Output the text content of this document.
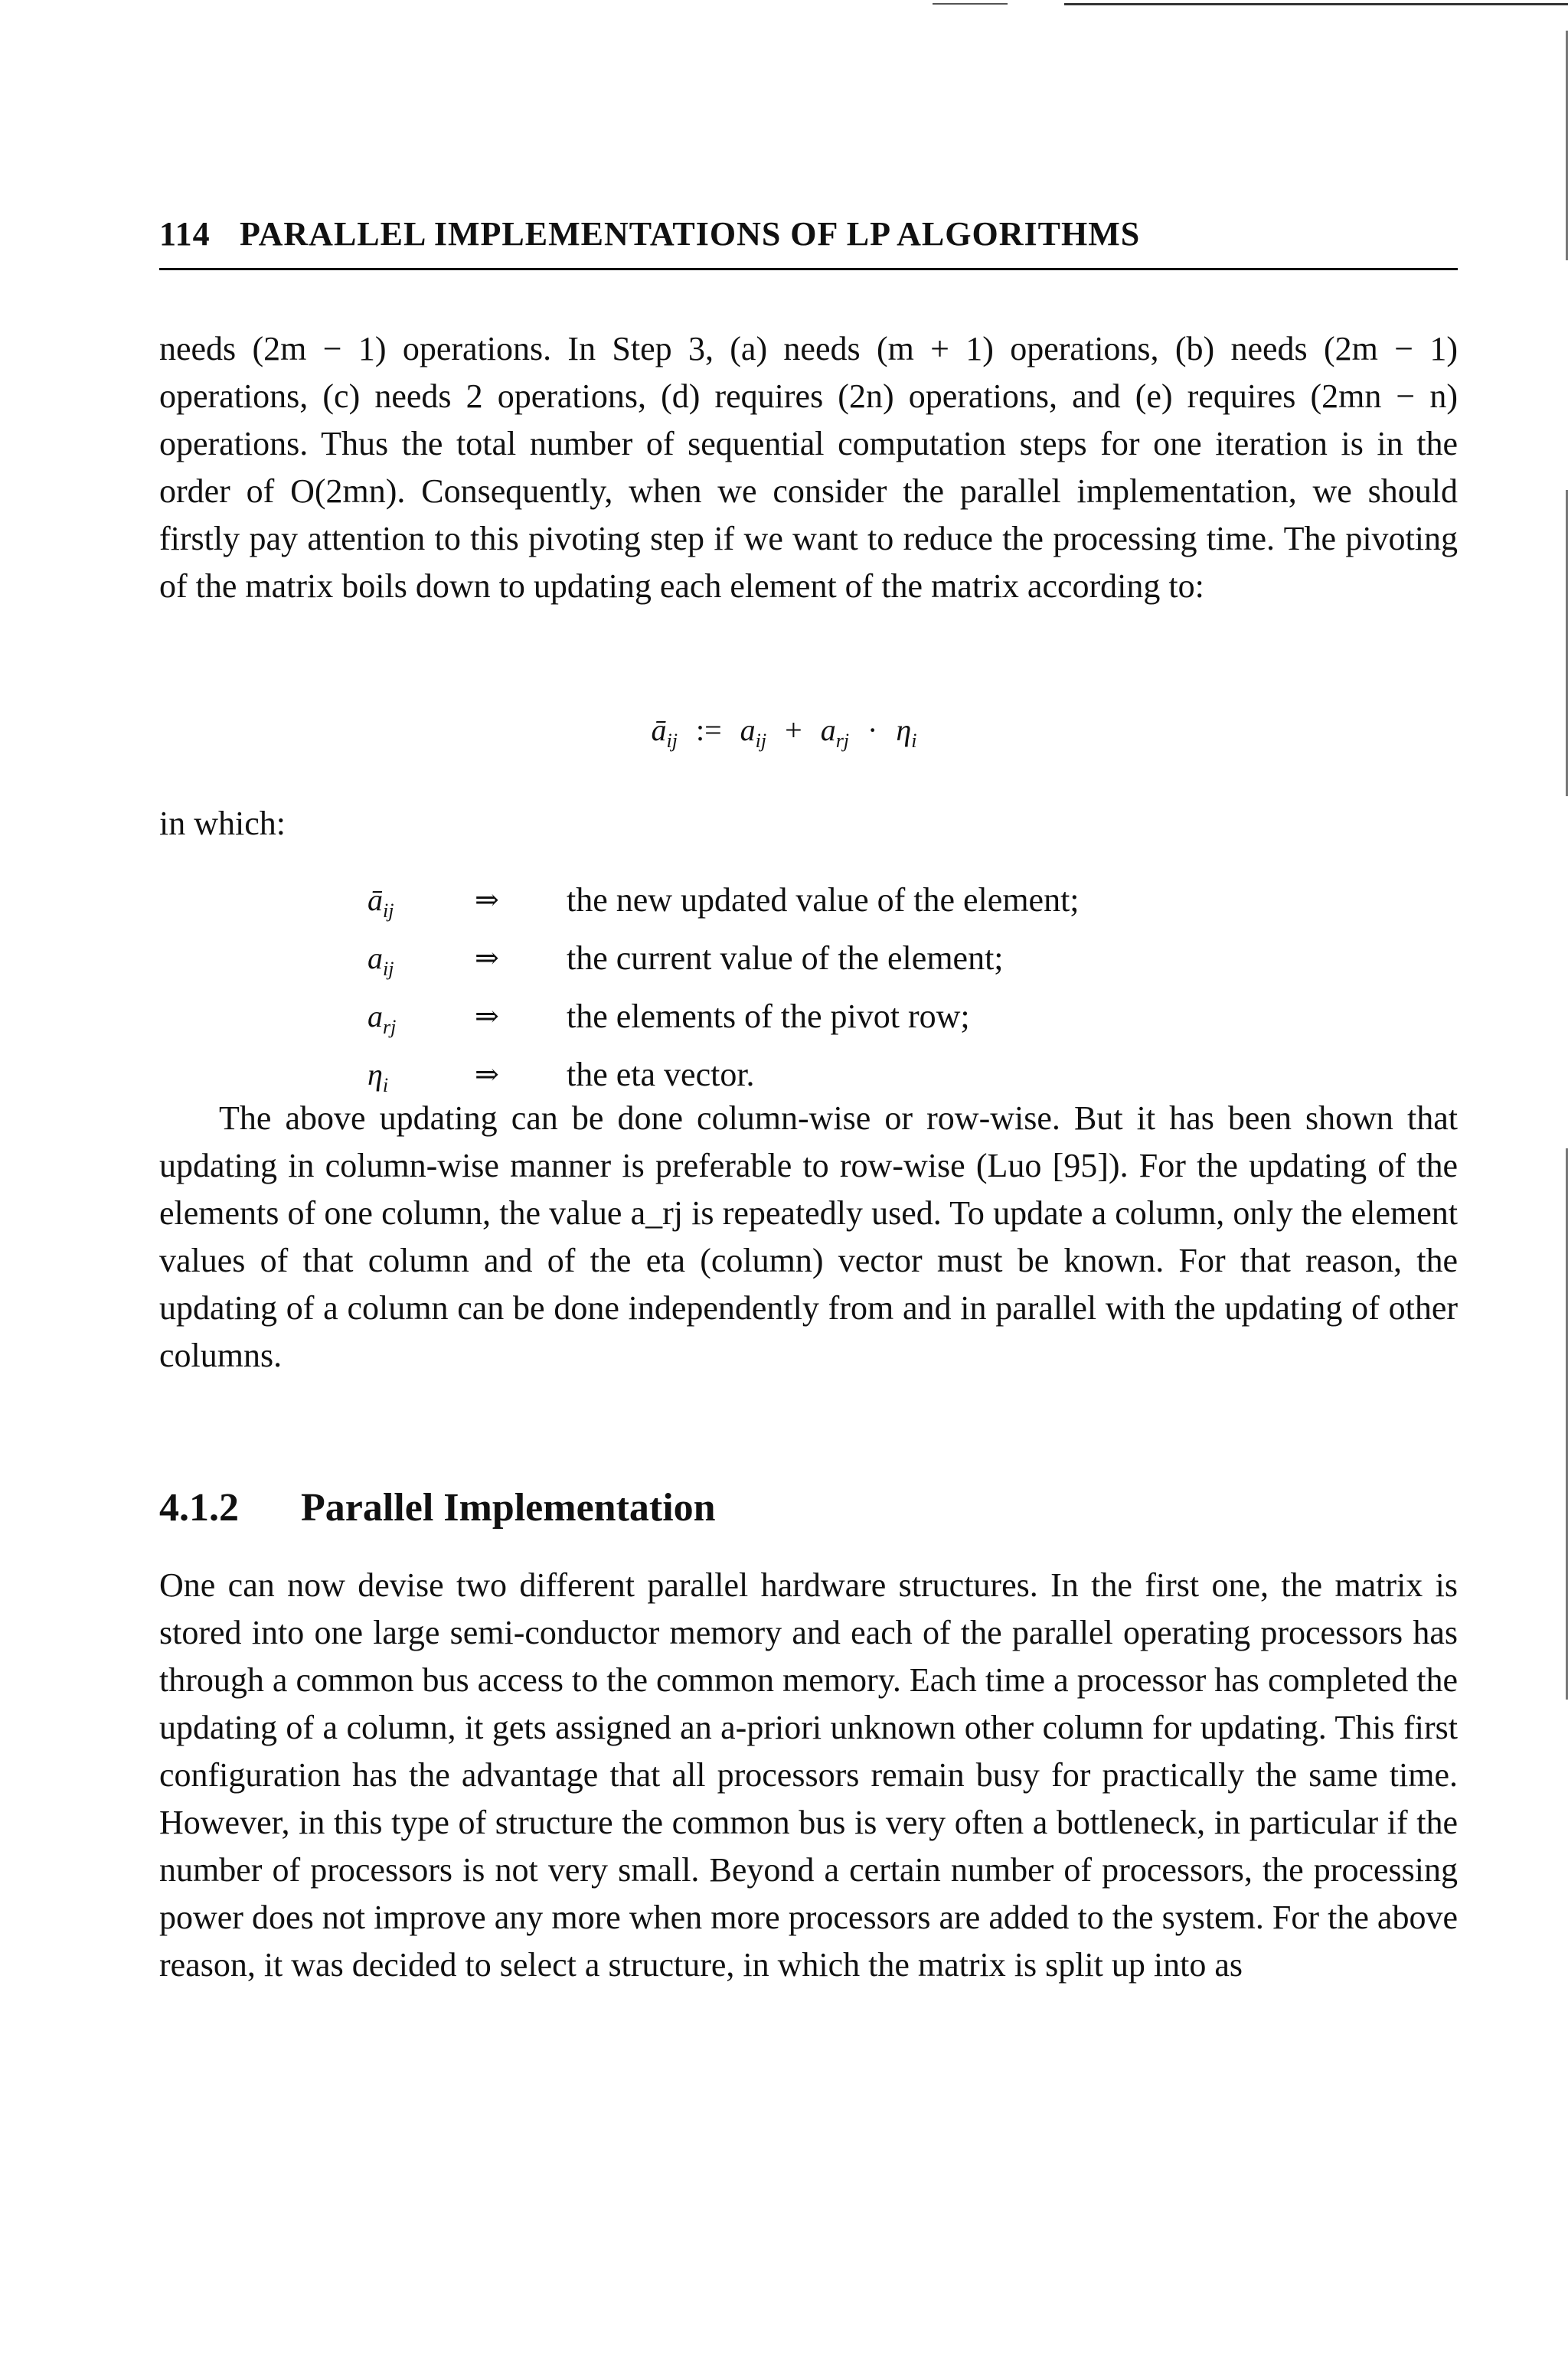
114 PARALLEL IMPLEMENTATIONS OF LP ALGORITHMS

needs (2m − 1) operations. In Step 3, (a) needs (m + 1) operations, (b) needs (2m − 1) operations, (c) needs 2 operations, (d) requires (2n) operations, and (e) requires (2mn − n) operations. Thus the total number of sequential computation steps for one iteration is in the order of O(2mn). Consequently, when we consider the parallel implementation, we should firstly pay attention to this pivoting step if we want to reduce the processing time. The pivoting of the matrix boils down to updating each element of the matrix according to:

$ā_{ij}$ := $a_{ij} + a_{rj} \cdot \eta_i$
in which:
$ā_{ij}$	⇒	the new updated value of the element;
$a_{ij}$	⇒	the current value of the element;
$a_{rj}$	⇒	the elements of the pivot row;
$\eta_i$	⇒	the eta vector.

The above updating can be done column-wise or row-wise. But it has been shown that updating in column-wise manner is preferable to row-wise (Luo [95]). For the updating of the elements of one column, the value a_rj is repeatedly used. To update a column, only the element values of that column and of the eta (column) vector must be known. For that reason, the updating of a column can be done independently from and in parallel with the updating of other columns.

4.1.2 Parallel Implementation

One can now devise two different parallel hardware structures. In the first one, the matrix is stored into one large semi-conductor memory and each of the parallel operating processors has through a common bus access to the common memory. Each time a processor has completed the updating of a column, it gets assigned an a-priori unknown other column for updating. This first configuration has the advantage that all processors remain busy for practically the same time. However, in this type of structure the common bus is very often a bottleneck, in particular if the number of processors is not very small. Beyond a certain number of processors, the processing power does not improve any more when more processors are added to the system. For the above reason, it was decided to select a structure, in which the matrix is split up into as
